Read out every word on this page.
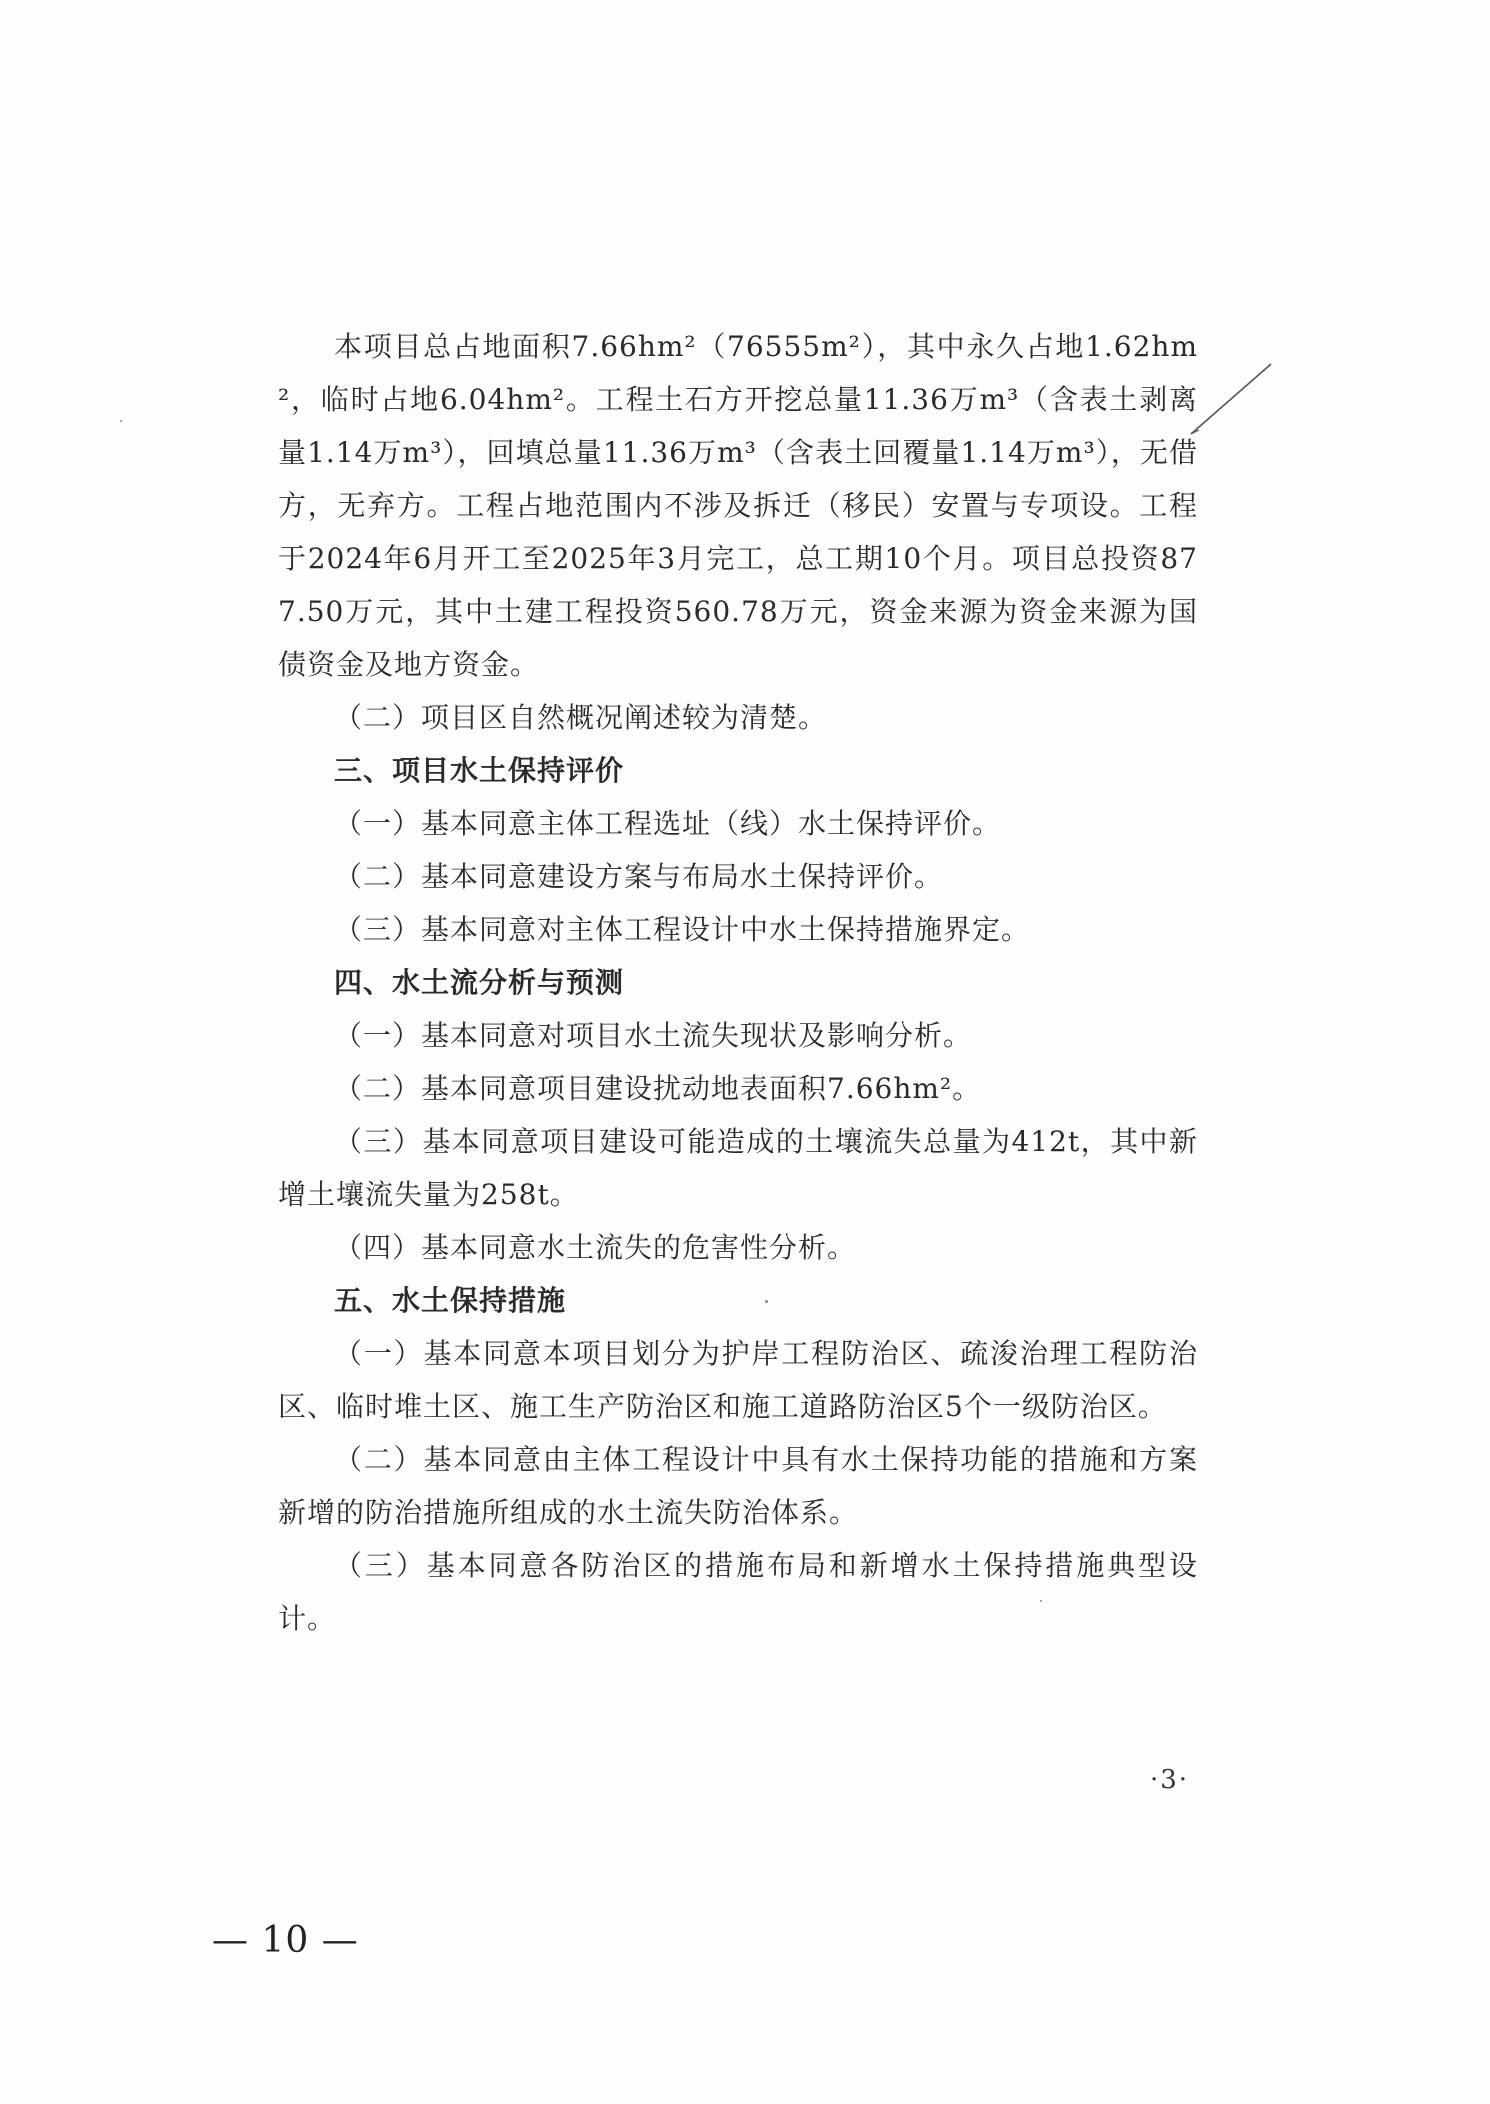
本项目总占地面积7.66hm²（76555m²），其中永久占地1.62hm²，临时占地6.04hm²。工程土石方开挖总量11.36万m³（含表土剥离量1.14万m³），回填总量11.36万m³（含表土回覆量1.14万m³），无借方，无弃方。工程占地范围内不涉及拆迁（移民）安置与专项设。工程于2024年6月开工至2025年3月完工，总工期10个月。项目总投资877.50万元，其中土建工程投资560.78万元，资金来源为资金来源为国债资金及地方资金。

（二）项目区自然概况阐述较为清楚。

三、项目水土保持评价

（一）基本同意主体工程选址（线）水土保持评价。

（二）基本同意建设方案与布局水土保持评价。

（三）基本同意对主体工程设计中水土保持措施界定。

四、水土流分析与预测

（一）基本同意对项目水土流失现状及影响分析。

（二）基本同意项目建设扰动地表面积7.66hm²。

（三）基本同意项目建设可能造成的土壤流失总量为412t，其中新增土壤流失量为258t。

（四）基本同意水土流失的危害性分析。

五、水土保持措施

（一）基本同意本项目划分为护岸工程防治区、疏浚治理工程防治区、临时堆土区、施工生产防治区和施工道路防治区5个一级防治区。

（二）基本同意由主体工程设计中具有水土保持功能的措施和方案新增的防治措施所组成的水土流失防治体系。

（三）基本同意各防治区的措施布局和新增水土保持措施典型设计。

·3·
— 10 —
